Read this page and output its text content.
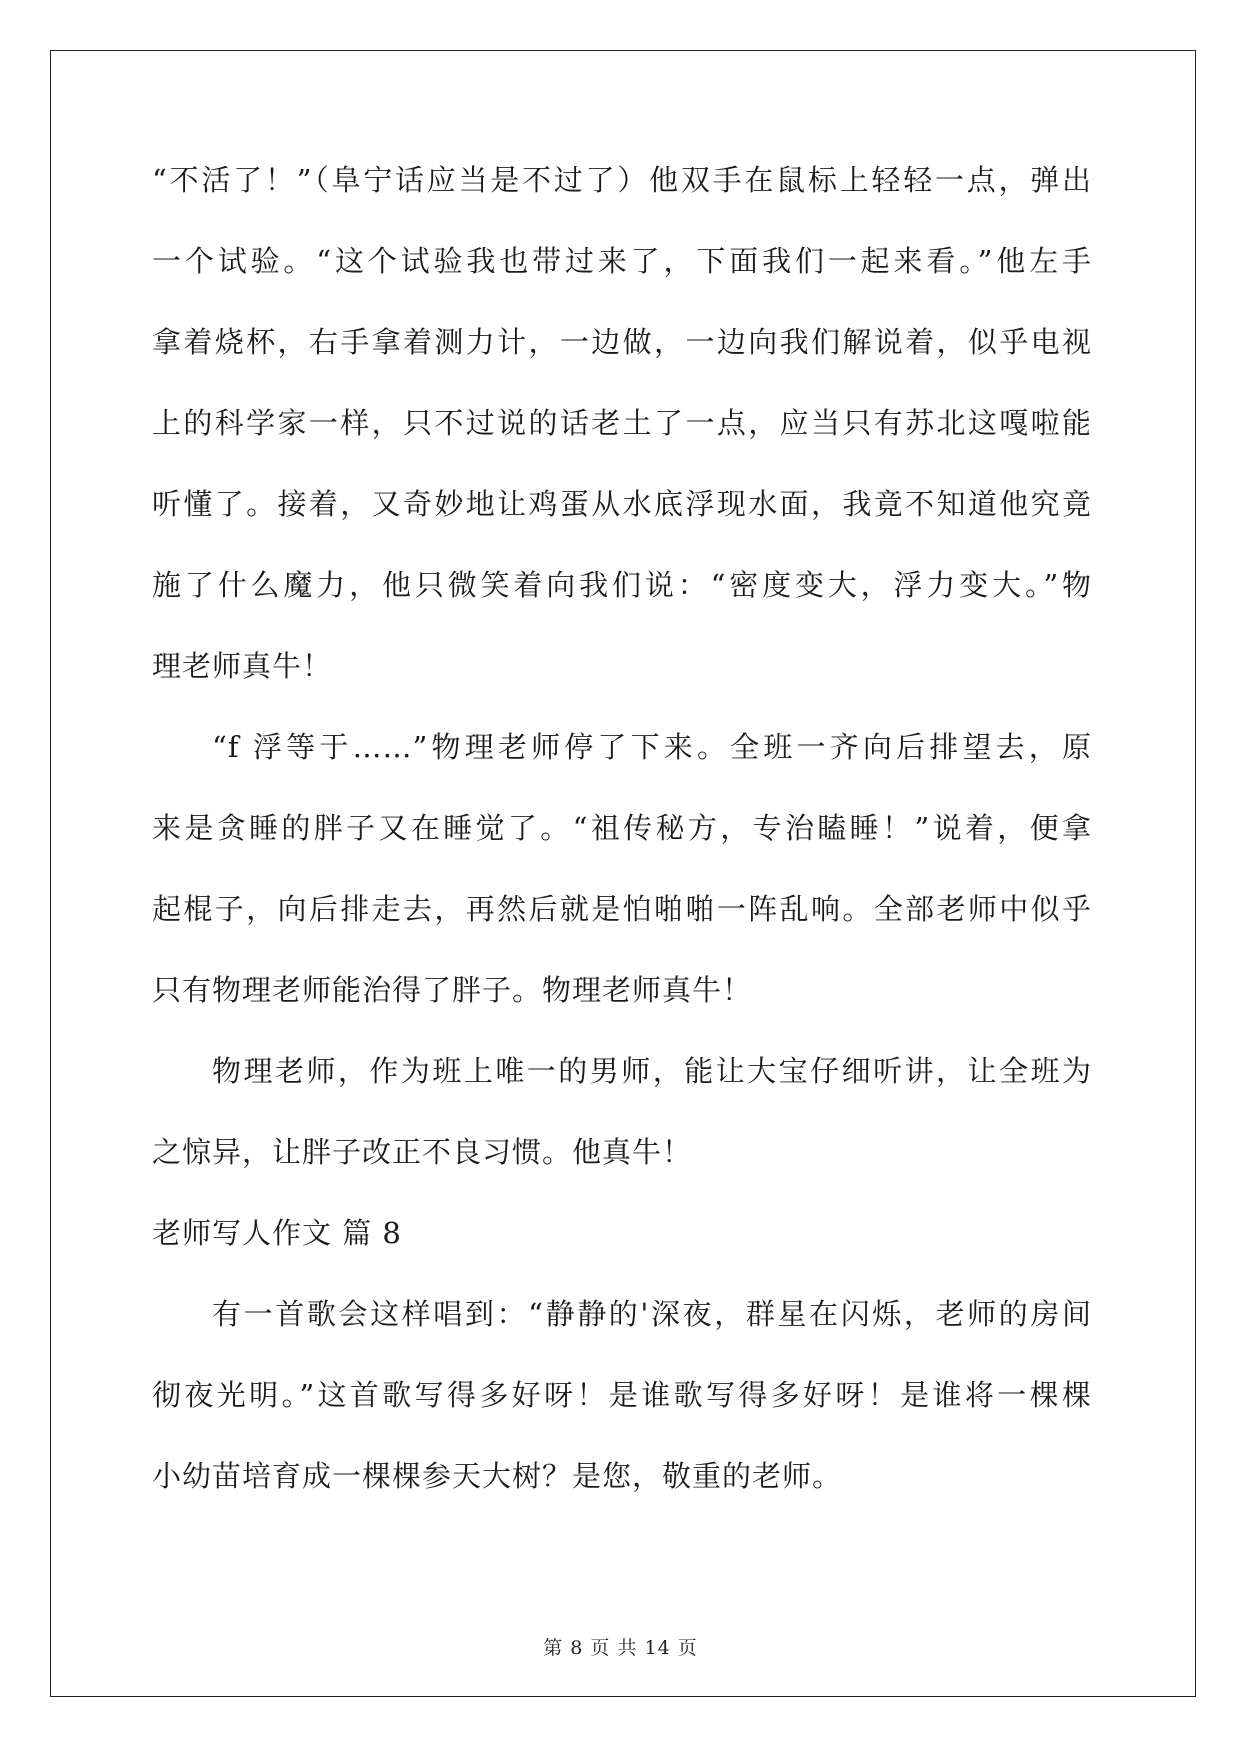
“不活了！”（阜宁话应当是不过了）他双手在鼠标上轻轻一点，弹出
一个试验。“这个试验我也带过来了，下面我们一起来看。”他左手
拿着烧杯，右手拿着测力计，一边做，一边向我们解说着，似乎电视
上的科学家一样，只不过说的话老土了一点，应当只有苏北这嘎啦能
听懂了。接着，又奇妙地让鸡蛋从水底浮现水面，我竟不知道他究竟
施了什么魔力，他只微笑着向我们说：“密度变大，浮力变大。”物
理老师真牛！
“f 浮等于……”物理老师停了下来。全班一齐向后排望去，原
来是贪睡的胖子又在睡觉了。“祖传秘方，专治瞌睡！”说着，便拿
起棍子，向后排走去，再然后就是怕啪啪一阵乱响。全部老师中似乎
只有物理老师能治得了胖子。物理老师真牛！
物理老师，作为班上唯一的男师，能让大宝仔细听讲，让全班为
之惊异，让胖子改正不良习惯。他真牛！
老师写人作文 篇 8
有一首歌会这样唱到：“静静的'深夜，群星在闪烁，老师的房间
彻夜光明。”这首歌写得多好呀！是谁歌写得多好呀！是谁将一棵棵
小幼苗培育成一棵棵参天大树？是您，敬重的老师。
第 8 页 共 14 页
